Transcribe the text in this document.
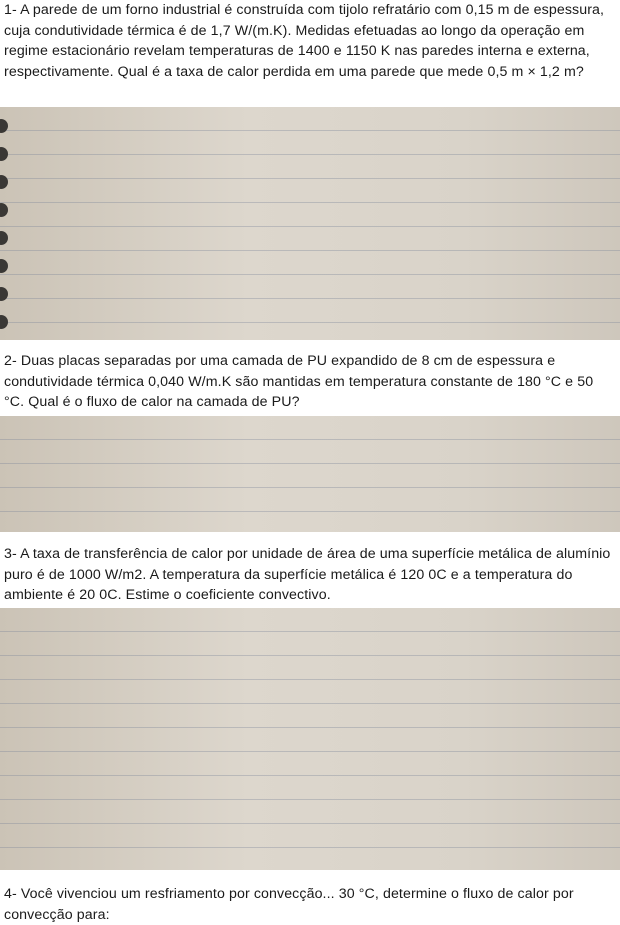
1- A parede de um forno industrial é construída com tijolo refratário com 0,15 m de espessura, cuja condutividade térmica é de 1,7 W/(m.K). Medidas efetuadas ao longo da operação em regime estacionário revelam temperaturas de 1400 e 1150 K nas paredes interna e externa, respectivamente. Qual é a taxa de calor perdida em uma parede que mede 0,5 m × 1,2 m?
2- Duas placas separadas por uma camada de PU expandido de 8 cm de espessura e condutividade térmica 0,040 W/m.K são mantidas em temperatura constante de 180 °C e 50 °C. Qual é o fluxo de calor na camada de PU?
3- A taxa de transferência de calor por unidade de área de uma superfície metálica de alumínio puro é de 1000 W/m2. A temperatura da superfície metálica é 120 0C e a temperatura do ambiente é 20 0C. Estime o coeficiente convectivo.
4- Você vivenciou um resfriamento por convecção... 30 °C, determine o fluxo de calor por convecção para:
